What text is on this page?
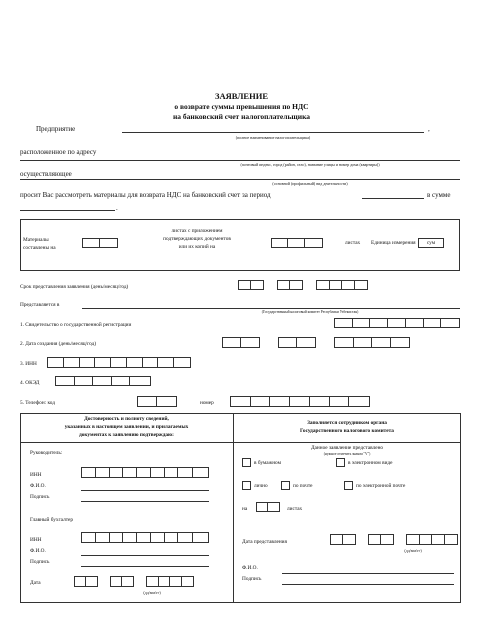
ЗАЯВЛЕНИЕ
о возврате суммы превышения по НДС
на банковский счет налогоплательщика
Предприятие	,
(полное наименование налогоплательщика)
расположенное по адресу
(почтовый индекс, город (район, село), название улицы и номер дома (квартиры))
осуществляющее
(основной (профильный) вид деятельности)
просит Вас рассмотреть материалы для возврата НДС на банковский счет за период	в сумме
.
Материалы
составлены на
листах с приложением
подтверждающих документов
или их копий на
листах Единица измерения	сум
Срок представления заявления (день/месяц/год)
Представляется в
(Государственный налоговый комитет Республики Узбекистан)
1. Свидетельство о государственной регистрации
2. Дата создания (день/месяц/год)
3. ИНН
4. ОКЭД
5. Телефон: код	номер
Достоверность и полноту сведений,
указанных в настоящем заявлении, и прилагаемых
документах к заявлению подтверждаю:
Руководитель:
ИНН
Ф.И.О.
Подпись
Главный бухгалтер
ИНН
Ф.И.О.
Подпись
Дата
(дд/мм/гг)
Заполняется сотрудником органа
Государственного налогового комитета
Данное заявление представлено
(нужное отметить знаком "V")
в бумажном	в электронном виде
лично	по почте	по электронной почте
на	листах
Дата представления
(дд/мм/гг)
Ф.И.О.
Подпись
